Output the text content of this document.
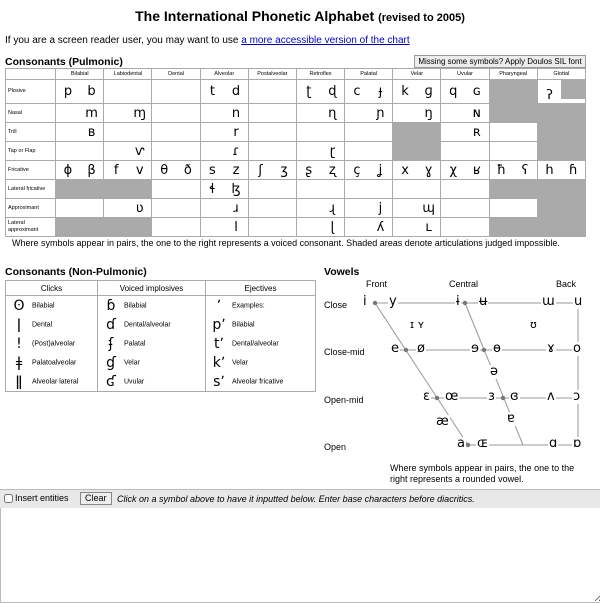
The International Phonetic Alphabet (revised to 2005)
If you are a screen reader user, you may want to use a more accessible version of the chart
Consonants (Pulmonic)	Missing some symbols? Apply Doulos SIL font
	Bilabial	Labiodental	Dental	Alveolar	Postalveolar	Retroflex	Palatal	Velar	Uvular	Pharyngeal	Glottal
Plosive	p b			t d		ʈ ɖ	c ɟ	k ɡ	q ɢ		ʔ
Nasal	m	ɱ		n		ɳ	ɲ	ŋ	ɴ		
Trill	ʙ			r					ʀ		
Tap or Flap		ⱱ		ɾ		ɽ					
Fricative	ɸ β	f v	θ ð	s z	ʃ ʒ	ʂ ʐ	ç ʝ	x ɣ	χ ʁ	ħ ʕ	h ɦ
Lateral fricative				ɬ ɮ							
Approximant		ʋ		ɹ		ɻ	j	ɰ			
Lateral approximant				l		ɭ	ʎ	ʟ			
Where symbols appear in pairs, the one to the right represents a voiced consonant. Shaded areas denote articulations judged impossible.
Consonants (Non-Pulmonic)
Clicks	Voiced implosives	Ejectives
ʘ Bilabial	ɓ Bilabial	ʼ Examples:
ǀ Dental	ɗ Dental/alveolar	pʼ Bilabial
ǃ (Post)alveolar	ʄ Palatal	tʼ Dental/alveolar
ǂ Palatoalveolar	ɠ Velar	kʼ Velar
ǁ Alveolar lateral	ʛ Uvular	sʼ Alveolar fricative
Vowels
Front	Central	Back
Close
Close-mid
Open-mid
Open
i y	ɨ ʉ	ɯ u
ɪ ʏ	ʊ
e ø	ɘ ɵ	ɤ o
ə
ɛ œ ɜ ɞ ʌ ɔ
æ	ɐ
a ɶ	ɑ ɒ
Where symbols appear in pairs, the one to the
right represents a rounded vowel.
Insert entities	Clear	Click on a symbol above to have it inputted below. Enter base characters before diacritics.
